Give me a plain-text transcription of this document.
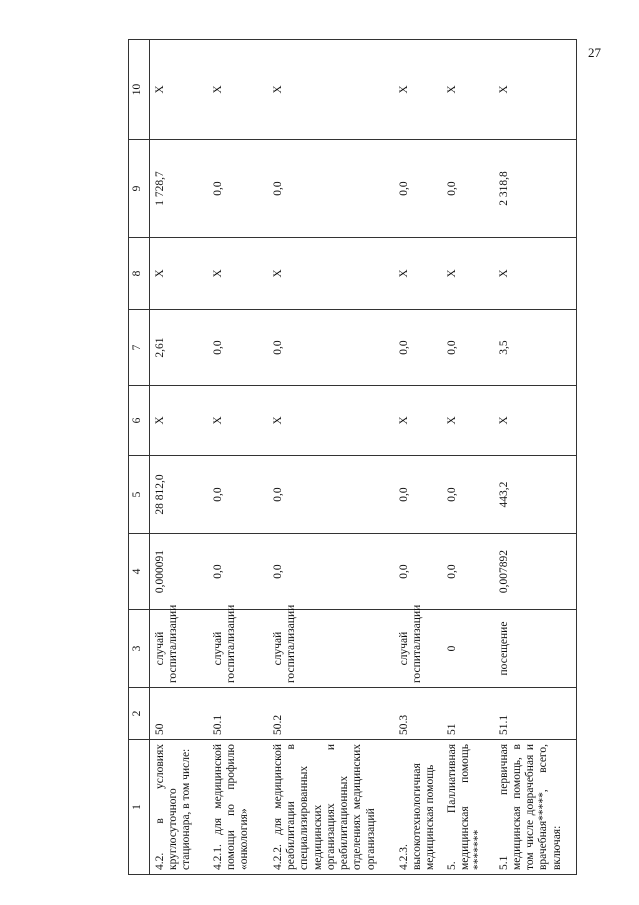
27
1	2	3	4	5	6	7	8	9	10
4.2. в условиях круглосуточного стационара, в том числе:	50	случай госпитализации	0,000091	28 812,0	X	2,61	X	1 728,7	X
4.2.1. для медицинской помощи по профилю «онкология»	50.1	случай госпитализации	0,0	0,0	X	0,0	X	0,0	X
4.2.2. для медицинской реабилитации в специализированных медицинских организациях и реабилитационных отделениях медицинских организаций	50.2	случай госпитализации	0,0	0,0	X	0,0	X	0,0	X
4.2.3. высокотехнологичная медицинская помощь	50.3	случай госпитализации	0,0	0,0	X	0,0	X	0,0	X
5. Паллиативная медицинская помощь *******	51	0	0,0	0,0	X	0,0	X	0,0	X
5.1 первичная медицинская помощь, в том числе доврачебная и врачебная*****, всего, включая:	51.1	посещение	0,007892	443,2	X	3,5	X	2 318,8	X
